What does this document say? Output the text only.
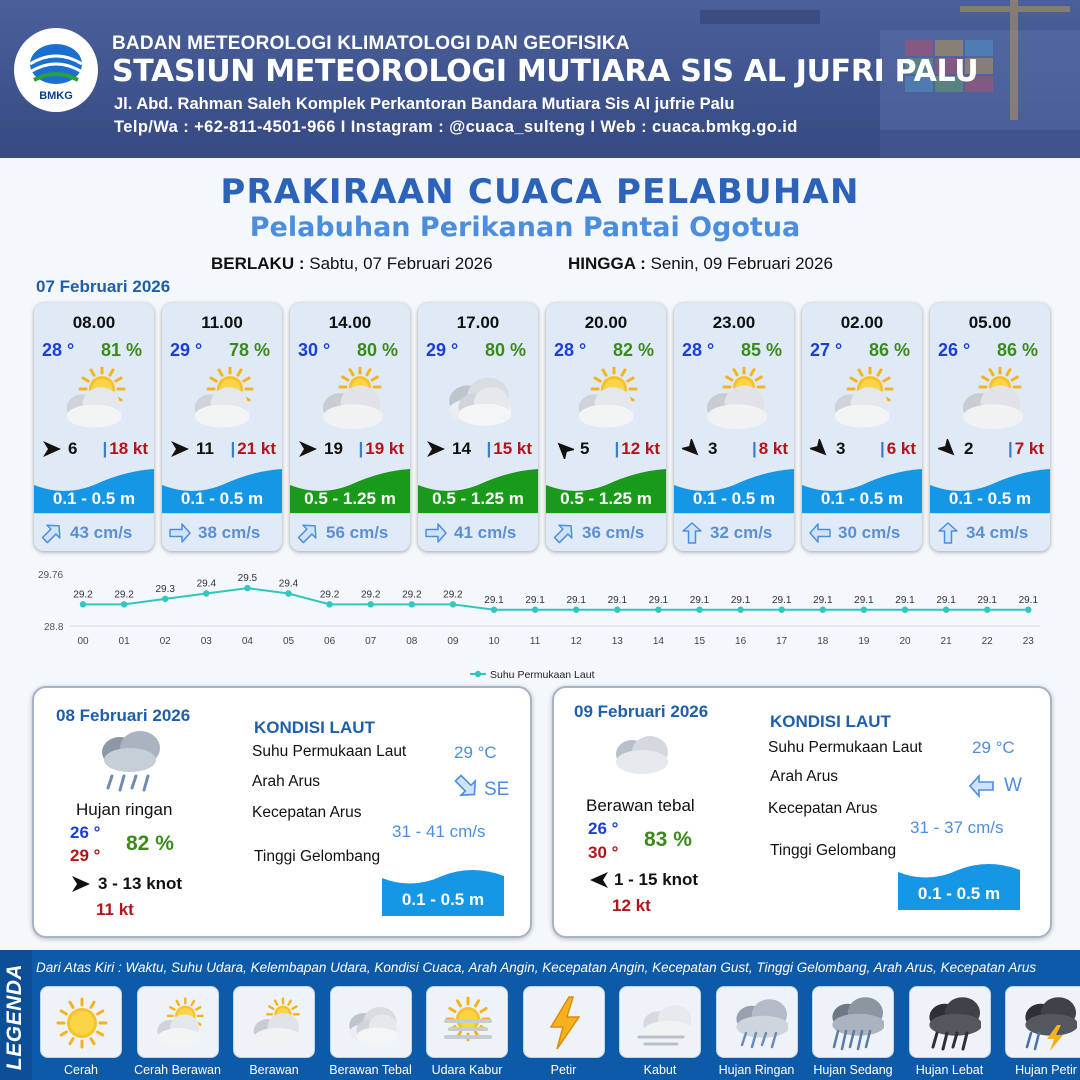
BMKG
BADAN METEOROLOGI KLIMATOLOGI DAN GEOFISIKA
STASIUN METEOROLOGI MUTIARA SIS AL JUFRI PALU
Jl. Abd. Rahman Saleh Komplek Perkantoran Bandara Mutiara Sis Al jufrie Palu
Telp/Wa : +62-811-4501-966 I Instagram : @cuaca_sulteng I Web : cuaca.bmkg.go.id
PRAKIRAAN CUACA PELABUHAN
Pelabuhan Perikanan Pantai Ogotua
BERLAKU : Sabtu, 07 Februari 2026	HINGGA : Senin, 09 Februari 2026
07 Februari 2026
08.00
28 ° 81 %
6 | 18 kt
0.1 - 0.5 m
43 cm/s
11.00
29 ° 78 %
11 | 21 kt
0.1 - 0.5 m
38 cm/s
14.00
30 ° 80 %
19 | 19 kt
0.5 - 1.25 m
56 cm/s
17.00
29 ° 80 %
14 | 15 kt
0.5 - 1.25 m
41 cm/s
20.00
28 ° 82 %
5 | 12 kt
0.5 - 1.25 m
36 cm/s
23.00
28 ° 85 %
3 | 8 kt
0.1 - 0.5 m
32 cm/s
02.00
27 ° 86 %
3 | 6 kt
0.1 - 0.5 m
30 cm/s
05.00
26 ° 86 %
2 | 7 kt
0.1 - 0.5 m
34 cm/s
29.76
28.8
29.2
00
29.2
01
29.3
02
29.4
03
29.5
04
29.4
05
29.2
06
29.2
07
29.2
08
29.2
09
29.1
10
29.1
11
29.1
12
29.1
13
29.1
14
29.1
15
29.1
16
29.1
17
29.1
18
29.1
19
29.1
20
29.1
21
29.1
22
29.1
23
Suhu Permukaan Laut
08 Februari 2026
Hujan ringan
26 °
29 °
82 %
3 - 13 knot
11 kt
KONDISI LAUT
Suhu Permukaan Laut	29 °C
Arah Arus	SE
Kecepatan Arus
31 - 41 cm/s
Tinggi Gelombang
0.1 - 0.5 m
09 Februari 2026
Berawan tebal
26 °
30 °
83 %
1 - 15 knot
12 kt
KONDISI LAUT
Suhu Permukaan Laut	29 °C
Arah Arus	W
Kecepatan Arus
31 - 37 cm/s
Tinggi Gelombang
0.1 - 0.5 m
LEGENDA Dari Atas Kiri : Waktu, Suhu Udara, Kelembapan Udara, Kondisi Cuaca, Arah Angin, Kecepatan Angin, Kecepatan Gust, Tinggi Gelombang, Arah Arus, Kecepatan Arus
Cerah	Cerah Berawan	Berawan	Berawan Tebal	Udara Kabur	Petir	Kabut	Hujan Ringan	Hujan Sedang	Hujan Lebat	Hujan Petir
